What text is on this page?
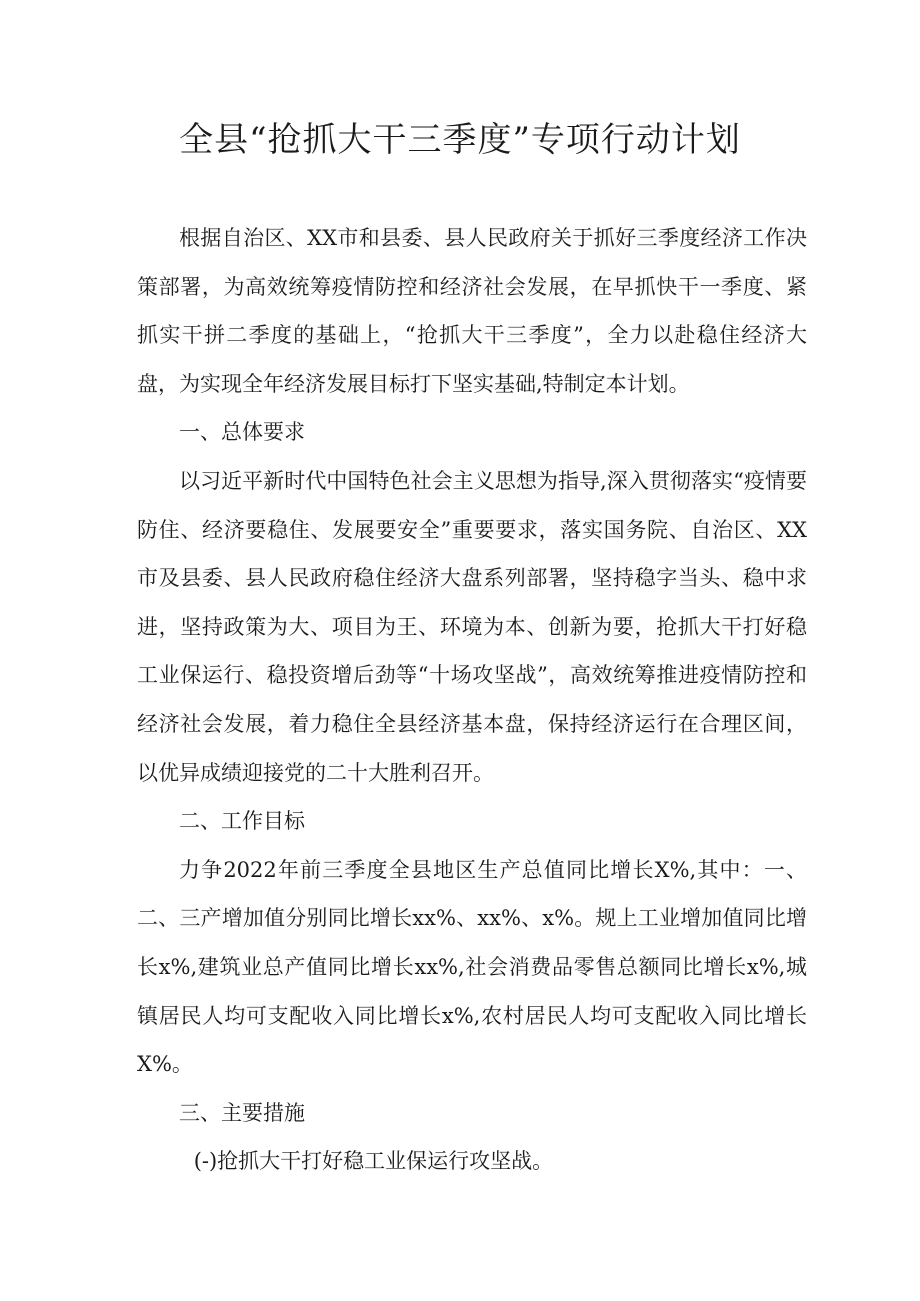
全县“抢抓大干三季度”专项行动计划

根据自治区、XX市和县委、县人民政府关于抓好三季度经济工作决策部署，为高效统筹疫情防控和经济社会发展，在早抓快干一季度、紧抓实干拼二季度的基础上，“抢抓大干三季度”，全力以赴稳住经济大盘，为实现全年经济发展目标打下坚实基础,特制定本计划。

一、总体要求

以习近平新时代中国特色社会主义思想为指导,深入贯彻落实“疫情要防住、经济要稳住、发展要安全”重要要求，落实国务院、自治区、XX市及县委、县人民政府稳住经济大盘系列部署，坚持稳字当头、稳中求进，坚持政策为大、项目为王、环境为本、创新为要，抢抓大干打好稳工业保运行、稳投资增后劲等“十场攻坚战”，高效统筹推进疫情防控和经济社会发展，着力稳住全县经济基本盘，保持经济运行在合理区间，以优异成绩迎接党的二十大胜利召开。

二、工作目标

力争2022年前三季度全县地区生产总值同比增长X%,其中：一、二、三产增加值分别同比增长xx%、xx%、x%。规上工业增加值同比增长x%,建筑业总产值同比增长xx%,社会消费品零售总额同比增长x%,城镇居民人均可支配收入同比增长x%,农村居民人均可支配收入同比增长X%。

三、主要措施

(-)抢抓大干打好稳工业保运行攻坚战。
